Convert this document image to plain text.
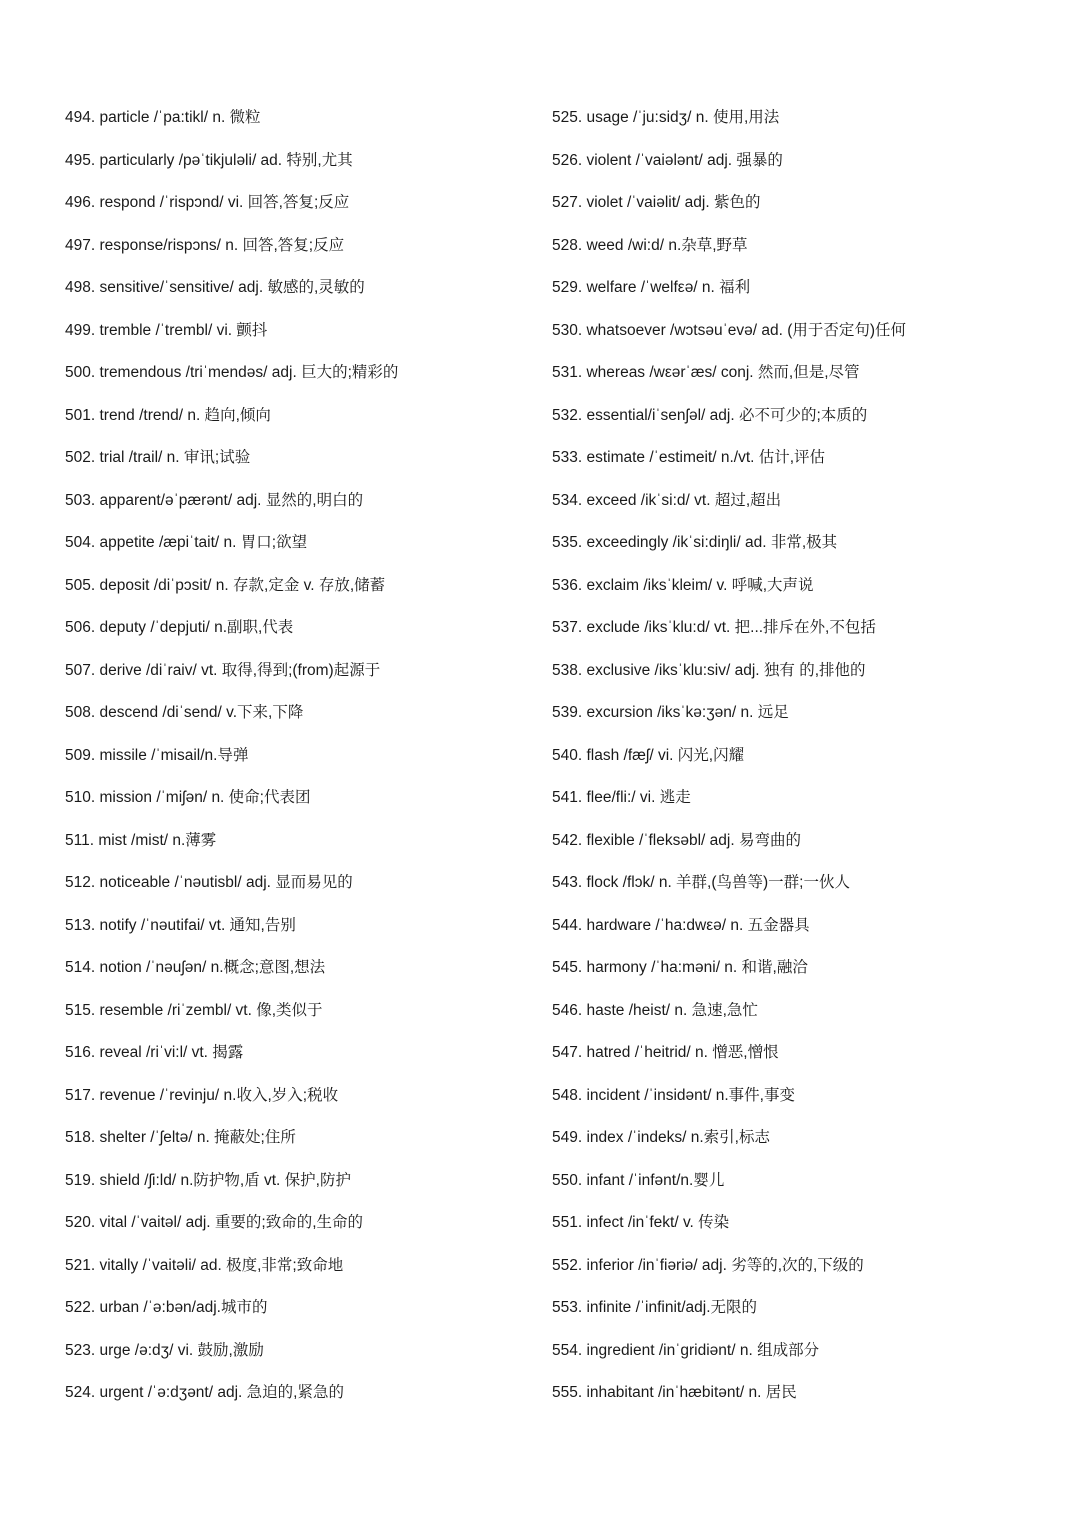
494. particle /ˈpa:tikl/ n. 微粒
495. particularly /pəˈtikjuləli/ ad. 特别,尤其
496. respond /ˈrispɔnd/ vi. 回答,答复;反应
497. response/rispɔns/ n. 回答,答复;反应
498. sensitive/ˈsensitive/ adj. 敏感的,灵敏的
499. tremble /ˈtrembl/ vi. 颤抖
500. tremendous /triˈmendəs/ adj. 巨大的;精彩的
501. trend /trend/ n. 趋向,倾向
502. trial /trail/ n. 审讯;试验
503. apparent/əˈpærənt/ adj. 显然的,明白的
504. appetite /æpiˈtait/ n. 胃口;欲望
505. deposit /diˈpɔsit/ n. 存款,定金 v. 存放,储蓄
506. deputy /ˈdepjuti/ n.副职,代表
507. derive /diˈraiv/ vt. 取得,得到;(from)起源于
508. descend /diˈsend/ v.下来,下降
509. missile /ˈmisail/n.导弹
510. mission /ˈmiʃən/ n. 使命;代表团
511. mist /mist/ n.薄雾
512. noticeable /ˈnəutisbl/ adj. 显而易见的
513. notify /ˈnəutifai/ vt. 通知,告别
514. notion /ˈnəuʃən/ n.概念;意图,想法
515. resemble /riˈzembl/ vt. 像,类似于
516. reveal /riˈvi:l/ vt. 揭露
517. revenue /ˈrevinju/ n.收入,岁入;税收
518. shelter /ˈʃeltə/ n. 掩蔽处;住所
519. shield /ʃi:ld/ n.防护物,盾 vt. 保护,防护
520. vital /ˈvaitəl/ adj. 重要的;致命的,生命的
521. vitally /ˈvaitəli/ ad. 极度,非常;致命地
522. urban /ˈə:bən/adj.城市的
523. urge /ə:dʒ/ vi. 鼓励,激励
524. urgent /ˈə:dʒənt/ adj. 急迫的,紧急的
525. usage /ˈju:sidʒ/ n. 使用,用法
526. violent /ˈvaiələnt/ adj. 强暴的
527. violet /ˈvaiəlit/ adj. 紫色的
528. weed /wi:d/ n.杂草,野草
529. welfare /ˈwelfεə/ n. 福利
530. whatsoever /wɔtsəuˈevə/ ad. (用于否定句)任何
531. whereas /wεərˈæs/ conj. 然而,但是,尽管
532. essential/iˈsenʃəl/ adj. 必不可少的;本质的
533. estimate /ˈestimeit/ n./vt. 估计,评估
534. exceed /ikˈsi:d/ vt. 超过,超出
535. exceedingly /ikˈsi:diŋli/ ad. 非常,极其
536. exclaim /iksˈkleim/ v. 呼喊,大声说
537. exclude /iksˈklu:d/ vt. 把...排斥在外,不包括
538. exclusive /iksˈklu:siv/ adj. 独有 的,排他的
539. excursion /iksˈkə:ʒən/ n. 远足
540. flash /fæʃ/ vi. 闪光,闪耀
541. flee/fli:/ vi. 逃走
542. flexible /ˈfleksəbl/ adj. 易弯曲的
543. flock /flɔk/ n. 羊群,(鸟兽等)一群;一伙人
544. hardware /ˈha:dwεə/ n. 五金器具
545. harmony /ˈha:məni/ n. 和谐,融洽
546. haste /heist/ n. 急速,急忙
547. hatred /ˈheitrid/ n. 憎恶,憎恨
548. incident /ˈinsidənt/ n.事件,事变
549. index /ˈindeks/ n.索引,标志
550. infant /ˈinfənt/n.婴儿
551. infect /inˈfekt/ v. 传染
552. inferior /inˈfiəriə/ adj. 劣等的,次的,下级的
553. infinite /ˈinfinit/adj.无限的
554. ingredient /inˈgridiənt/ n. 组成部分
555. inhabitant /inˈhæbitənt/ n. 居民
